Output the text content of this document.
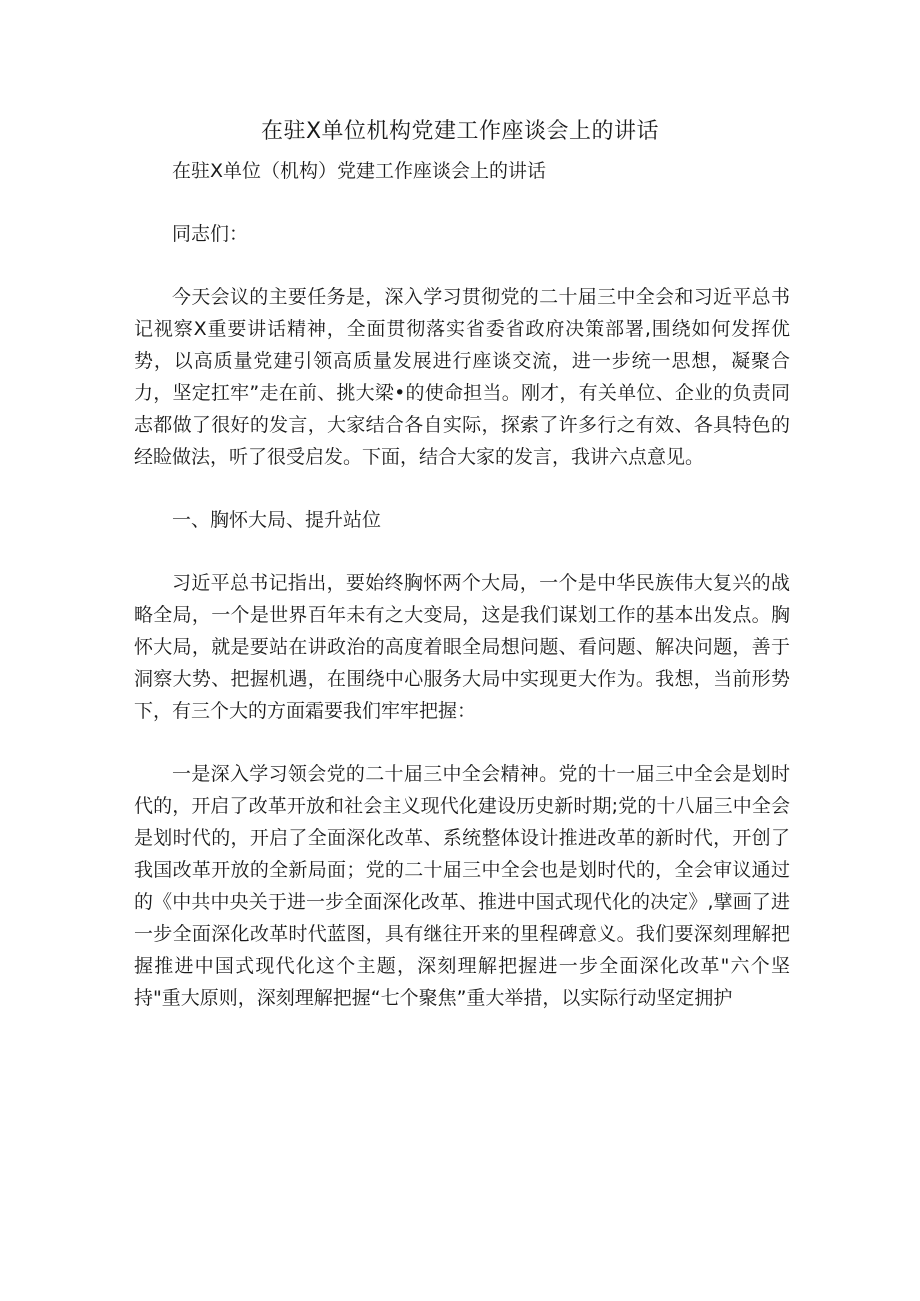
在驻X单位机构党建工作座谈会上的讲话

在驻X单位（机构）党建工作座谈会上的讲话

同志们：

今天会议的主要任务是，深入学习贯彻党的二十届三中全会和习近平总书记视察X重要讲话精神，全面贯彻落实省委省政府决策部署,围绕如何发挥优势，以高质量党建引领高质量发展进行座谈交流，进一步统一思想，凝聚合力，坚定扛牢”走在前、挑大梁•的使命担当。刚才，有关单位、企业的负责同志都做了很好的发言，大家结合各自实际，探索了许多行之有效、各具特色的经睑做法，听了很受启发。下面，结合大家的发言，我讲六点意见。

一、胸怀大局、提升站位

习近平总书记指出，要始终胸怀两个大局，一个是中华民族伟大复兴的战略全局，一个是世界百年未有之大变局，这是我们谋划工作的基本出发点。胸怀大局，就是要站在讲政治的高度着眼全局想问题、看问题、解决问题，善于洞察大势、把握机遇，在围绕中心服务大局中实现更大作为。我想，当前形势下，有三个大的方面霜要我们牢牢把握：

一是深入学习领会党的二十届三中全会精神。党的十一届三中全会是划时代的，开启了改革开放和社会主义现代化建设历史新时期;党的十八届三中全会是划时代的，开启了全面深化改革、系统整体设计推进改革的新时代，开创了我国改革开放的全新局面；党的二十届三中全会也是划时代的，全会审议通过的《中共中央关于进一步全面深化改革、推进中国式现代化的决定》,擘画了进一步全面深化改革时代蓝图，具有继往开来的里程碑意义。我们要深刻理解把握推进中国式现代化这个主题，深刻理解把握进一步全面深化改革"六个坚持"重大原则，深刻理解把握“七个聚焦”重大举措，以实际行动坚定拥护
